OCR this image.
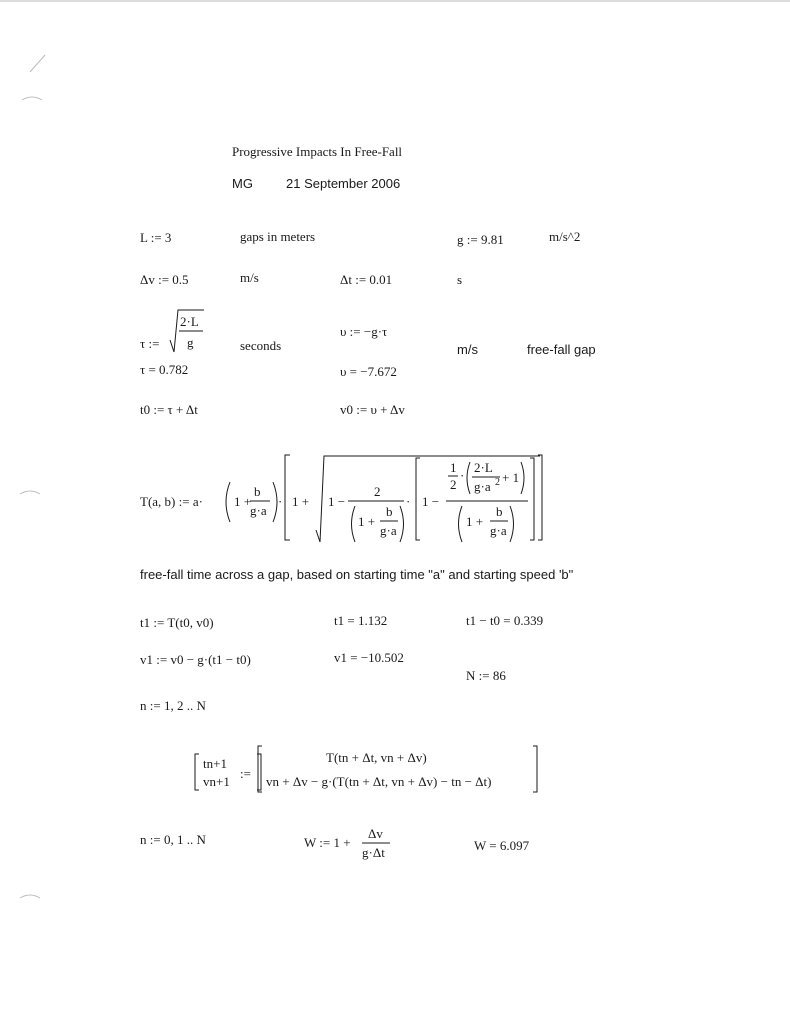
Progressive Impacts In Free-Fall
MG	21 September 2006
L := 3	gaps in meters	g := 9.81	m/s^2
Δv := 0.5	m/s	Δt := 0.01	s
τ :=
2·L
g
T(a, b) := a· 1 +
b
g·a
· 1 + 1 −
2
1 +
b
g·a
· 1 −
1
2
·
2·L
g·a 2 + 1
1 +
b
g·a
W := 1 +
Δv
g·Δt
seconds
τ = 0.782
υ := −g·τ
m/s	free-fall gap
υ = −7.672
t0 := τ + Δt	v0 := υ + Δv
free-fall time across a gap, based on starting time "a" and starting speed 'b"
t1 := T(t0, v0)	t1 = 1.132	t1 − t0 = 0.339
v1 := v0 − g·(t1 − t0)	v1 = −10.502
N := 86
n := 1, 2 .. N
tn+1
vn+1
:=
T(tn + Δt, vn + Δv)
vn + Δv − g·(T(tn + Δt, vn + Δv) − tn − Δt)
n := 0, 1 .. N	W = 6.097
